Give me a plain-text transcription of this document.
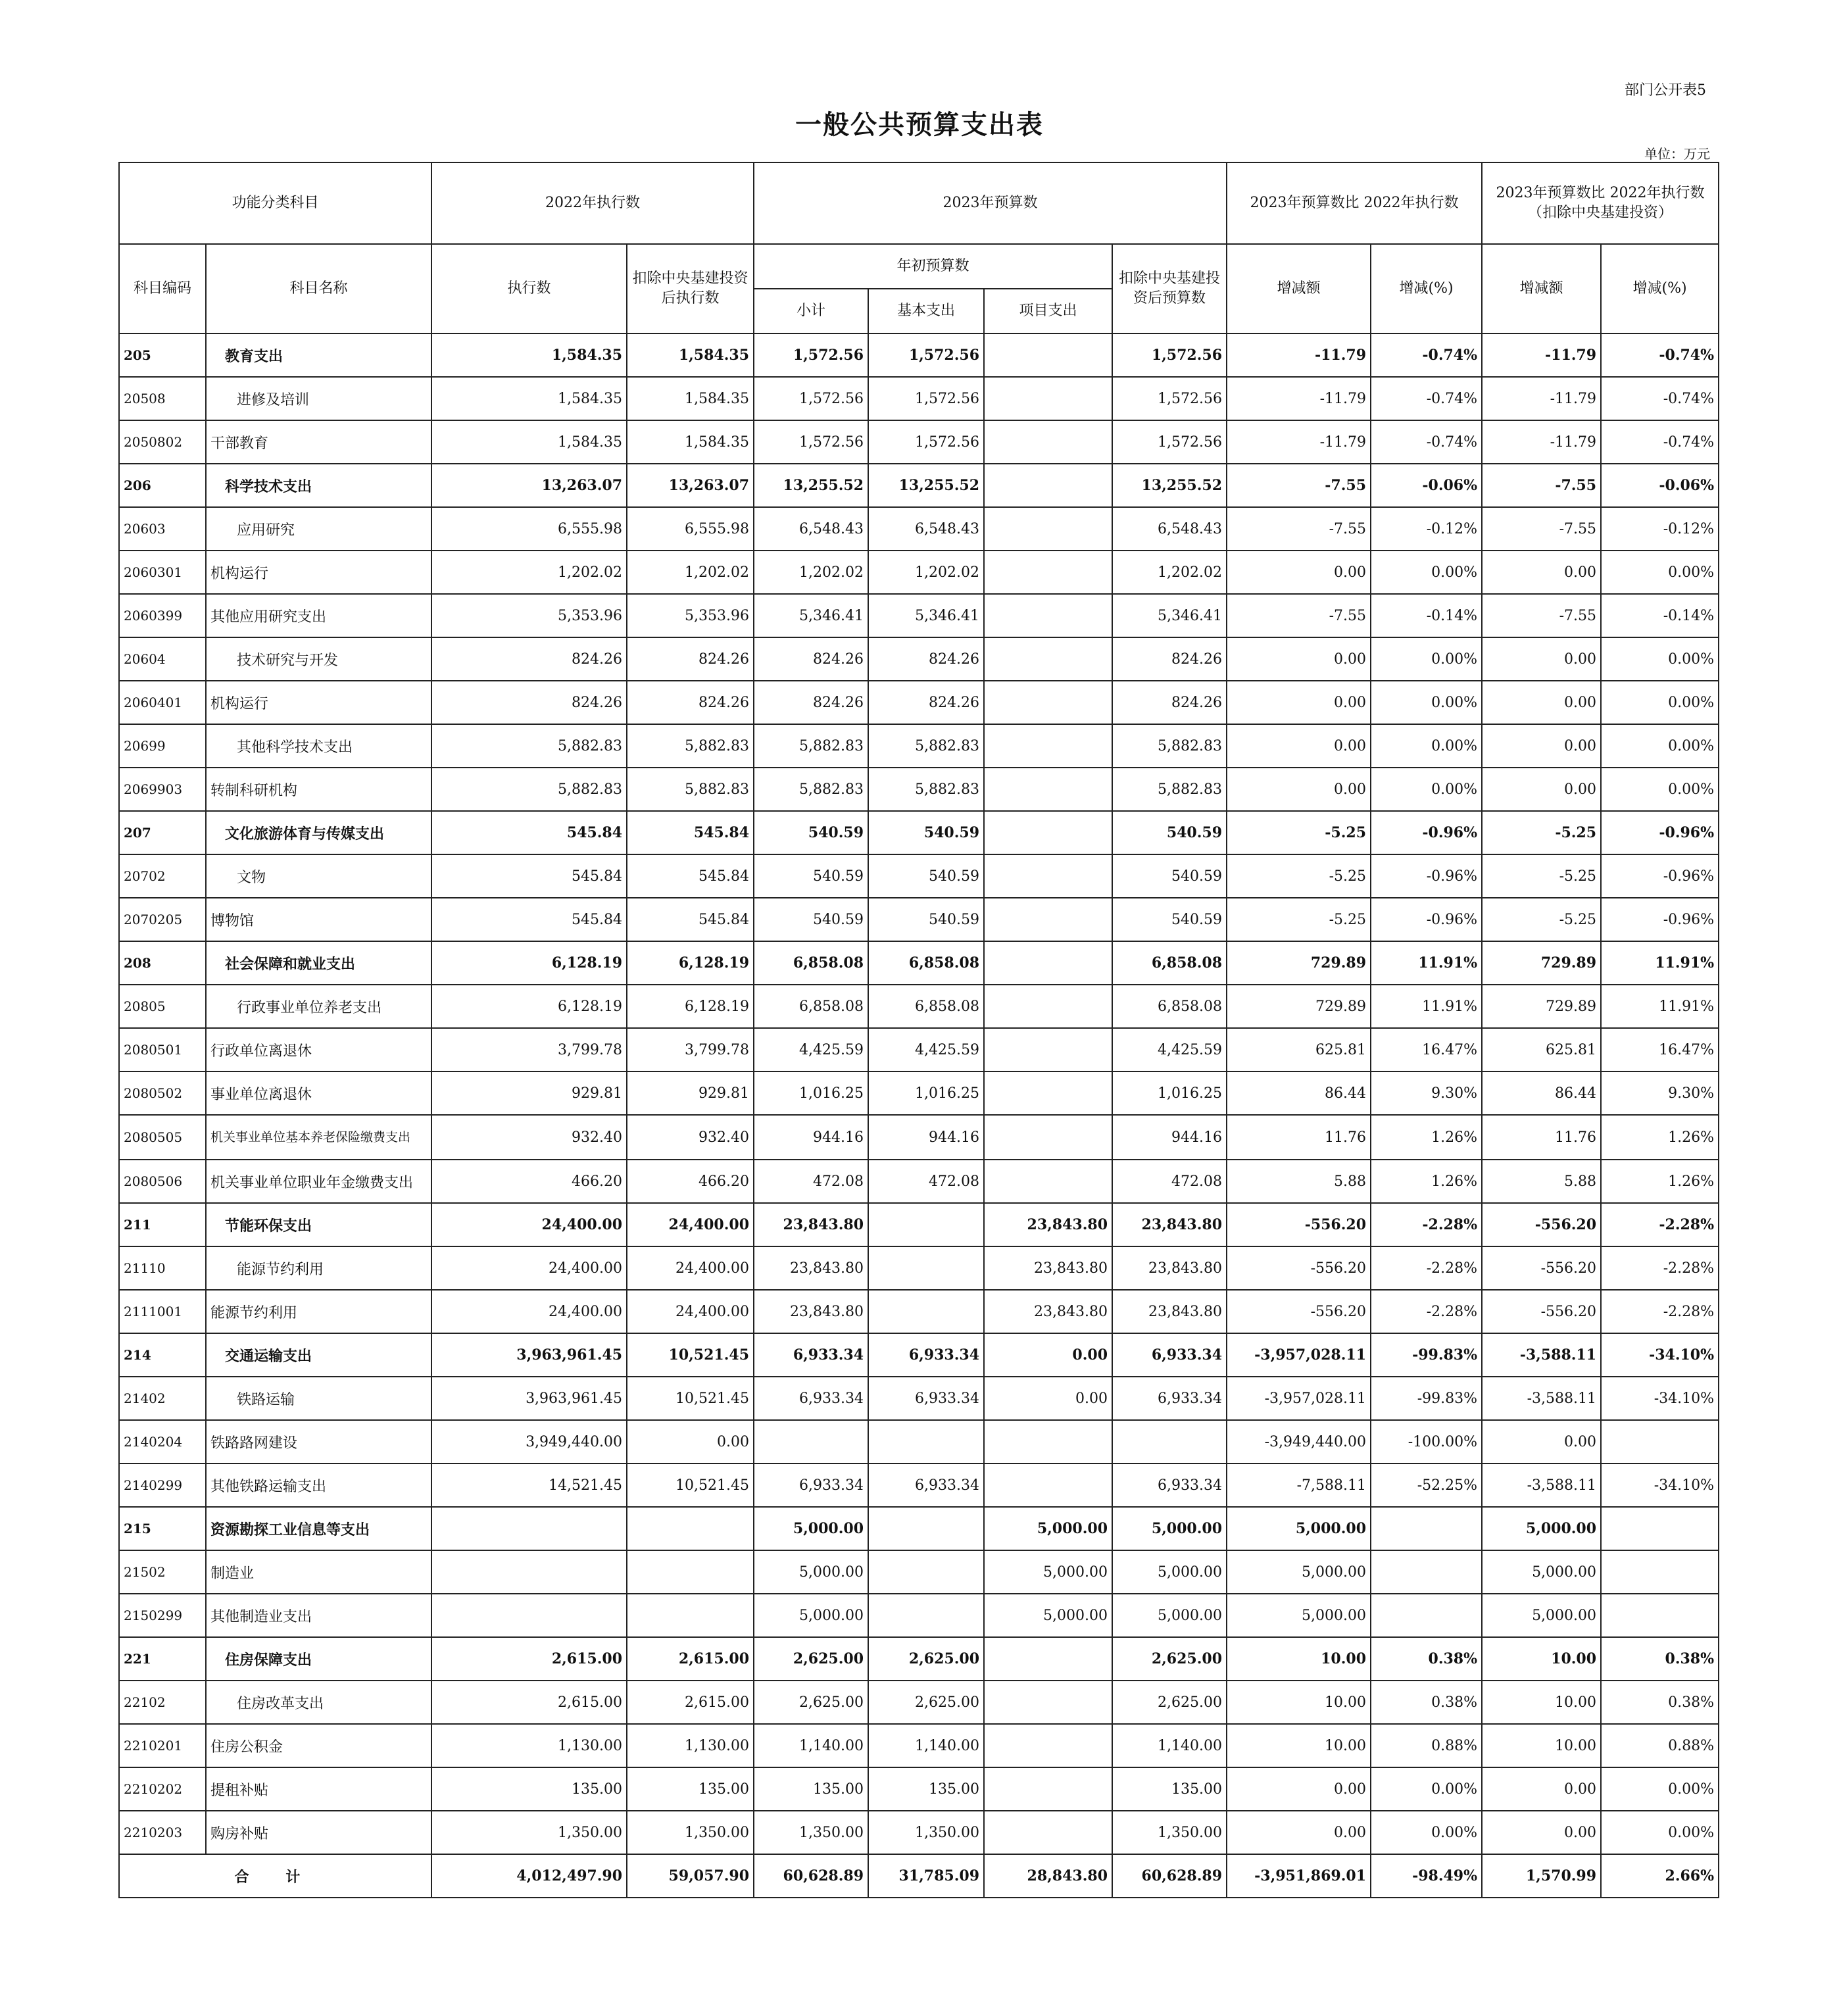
部门公开表5
一般公共预算支出表
单位：万元
功能分类科目		2022年执行数		2023年预算数				2023年预算数比 2022年执行数		2023年预算数比 2022年执行数 （扣除中央基建投资）	
科目编码	科目名称	执行数	扣除中央基建投资后执行数	年初预算数			扣除中央基建投资后预算数	增减额	增减(%)	增减额	增减(%)
				小计	基本支出	项目支出					
205	教育支出	1,584.35	1,584.35	1,572.56	1,572.56		1,572.56	-11.79	-0.74%	-11.79	-0.74%
20508	进修及培训	1,584.35	1,584.35	1,572.56	1,572.56		1,572.56	-11.79	-0.74%	-11.79	-0.74%
2050802	干部教育	1,584.35	1,584.35	1,572.56	1,572.56		1,572.56	-11.79	-0.74%	-11.79	-0.74%
206	科学技术支出	13,263.07	13,263.07	13,255.52	13,255.52		13,255.52	-7.55	-0.06%	-7.55	-0.06%
20603	应用研究	6,555.98	6,555.98	6,548.43	6,548.43		6,548.43	-7.55	-0.12%	-7.55	-0.12%
2060301	机构运行	1,202.02	1,202.02	1,202.02	1,202.02		1,202.02	0.00	0.00%	0.00	0.00%
2060399	其他应用研究支出	5,353.96	5,353.96	5,346.41	5,346.41		5,346.41	-7.55	-0.14%	-7.55	-0.14%
20604	技术研究与开发	824.26	824.26	824.26	824.26		824.26	0.00	0.00%	0.00	0.00%
2060401	机构运行	824.26	824.26	824.26	824.26		824.26	0.00	0.00%	0.00	0.00%
20699	其他科学技术支出	5,882.83	5,882.83	5,882.83	5,882.83		5,882.83	0.00	0.00%	0.00	0.00%
2069903	转制科研机构	5,882.83	5,882.83	5,882.83	5,882.83		5,882.83	0.00	0.00%	0.00	0.00%
207	文化旅游体育与传媒支出	545.84	545.84	540.59	540.59		540.59	-5.25	-0.96%	-5.25	-0.96%
20702	文物	545.84	545.84	540.59	540.59		540.59	-5.25	-0.96%	-5.25	-0.96%
2070205	博物馆	545.84	545.84	540.59	540.59		540.59	-5.25	-0.96%	-5.25	-0.96%
208	社会保障和就业支出	6,128.19	6,128.19	6,858.08	6,858.08		6,858.08	729.89	11.91%	729.89	11.91%
20805	行政事业单位养老支出	6,128.19	6,128.19	6,858.08	6,858.08		6,858.08	729.89	11.91%	729.89	11.91%
2080501	行政单位离退休	3,799.78	3,799.78	4,425.59	4,425.59		4,425.59	625.81	16.47%	625.81	16.47%
2080502	事业单位离退休	929.81	929.81	1,016.25	1,016.25		1,016.25	86.44	9.30%	86.44	9.30%
2080505	机关事业单位基本养老保险缴费支出	932.40	932.40	944.16	944.16		944.16	11.76	1.26%	11.76	1.26%
2080506	机关事业单位职业年金缴费支出	466.20	466.20	472.08	472.08		472.08	5.88	1.26%	5.88	1.26%
211	节能环保支出	24,400.00	24,400.00	23,843.80		23,843.80	23,843.80	-556.20	-2.28%	-556.20	-2.28%
21110	能源节约利用	24,400.00	24,400.00	23,843.80		23,843.80	23,843.80	-556.20	-2.28%	-556.20	-2.28%
2111001	能源节约利用	24,400.00	24,400.00	23,843.80		23,843.80	23,843.80	-556.20	-2.28%	-556.20	-2.28%
214	交通运输支出	3,963,961.45	10,521.45	6,933.34	6,933.34	0.00	6,933.34	-3,957,028.11	-99.83%	-3,588.11	-34.10%
21402	铁路运输	3,963,961.45	10,521.45	6,933.34	6,933.34	0.00	6,933.34	-3,957,028.11	-99.83%	-3,588.11	-34.10%
2140204	铁路路网建设	3,949,440.00	0.00					-3,949,440.00	-100.00%	0.00	
2140299	其他铁路运输支出	14,521.45	10,521.45	6,933.34	6,933.34		6,933.34	-7,588.11	-52.25%	-3,588.11	-34.10%
215	资源勘探工业信息等支出			5,000.00		5,000.00	5,000.00	5,000.00		5,000.00	
21502	制造业			5,000.00		5,000.00	5,000.00	5,000.00		5,000.00	
2150299	其他制造业支出			5,000.00		5,000.00	5,000.00	5,000.00		5,000.00	
221	住房保障支出	2,615.00	2,615.00	2,625.00	2,625.00		2,625.00	10.00	0.38%	10.00	0.38%
22102	住房改革支出	2,615.00	2,615.00	2,625.00	2,625.00		2,625.00	10.00	0.38%	10.00	0.38%
2210201	住房公积金	1,130.00	1,130.00	1,140.00	1,140.00		1,140.00	10.00	0.88%	10.00	0.88%
2210202	提租补贴	135.00	135.00	135.00	135.00		135.00	0.00	0.00%	0.00	0.00%
2210203	购房补贴	1,350.00	1,350.00	1,350.00	1,350.00		1,350.00	0.00	0.00%	0.00	0.00%
合 计		4,012,497.90	59,057.90	60,628.89	31,785.09	28,843.80	60,628.89	-3,951,869.01	-98.49%	1,570.99	2.66%
